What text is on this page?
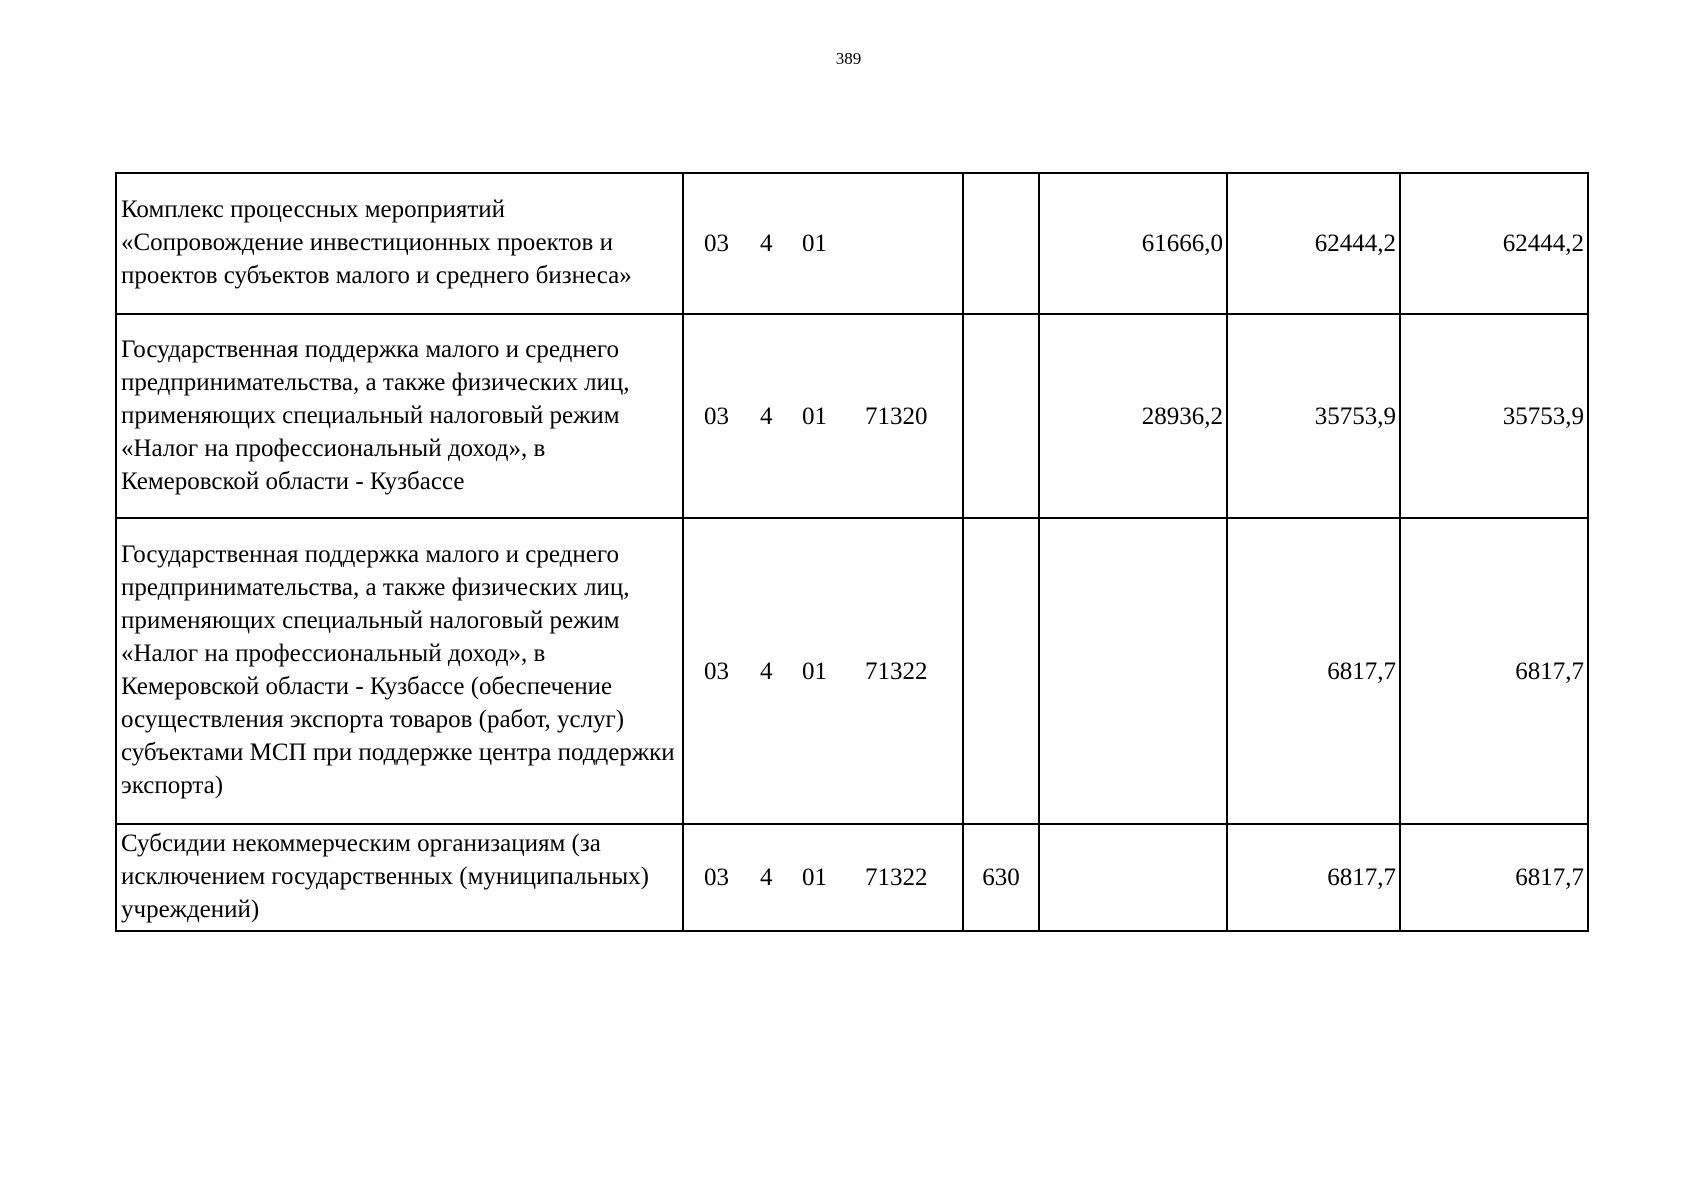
389
Комплекс процессных мероприятий «Сопровождение инвестиционных проектов и проектов субъектов малого и среднего бизнеса»	03 4 01		61666,0	62444,2	62444,2
Государственная поддержка малого и среднего предпринимательства, а также физических лиц, применяющих специальный налоговый режим «Налог на профессиональный доход», в Кемеровской области - Кузбассе	03 4 01 71320		28936,2	35753,9	35753,9
Государственная поддержка малого и среднего предпринимательства, а также физических лиц, применяющих специальный налоговый режим «Налог на профессиональный доход», в Кемеровской области - Кузбассе (обеспечение осуществления экспорта товаров (работ, услуг) субъектами МСП при поддержке центра поддержки экспорта)	03 4 01 71322			6817,7	6817,7
Субсидии некоммерческим организациям (за исключением государственных (муниципальных) учреждений)	03 4 01 71322	630		6817,7	6817,7
